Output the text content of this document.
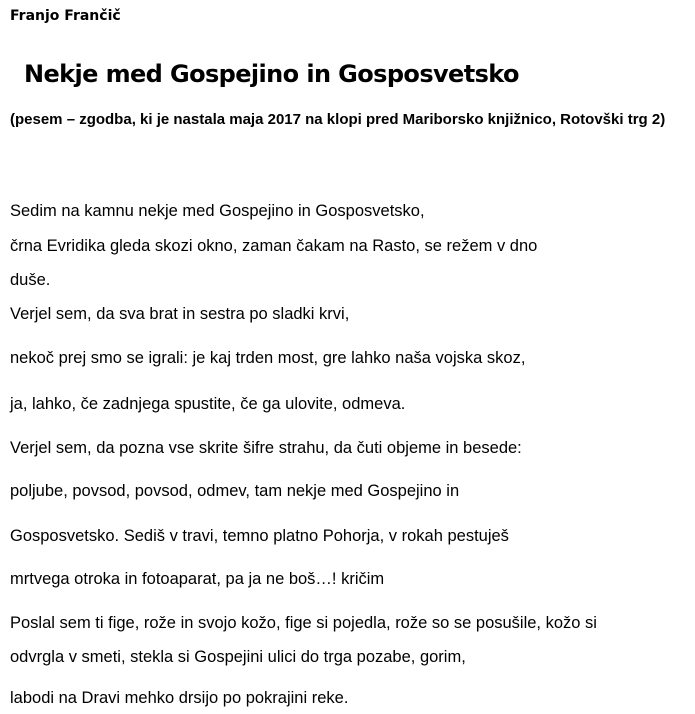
Franjo Frančič
Nekje med Gospejino in Gosposvetsko
(pesem – zgodba, ki je nastala maja 2017 na klopi pred Mariborsko knjižnico, Rotovški trg 2)
Sedim na kamnu nekje med Gospejino in Gosposvetsko,
črna Evridika gleda skozi okno, zaman čakam na Rasto, se režem v dno
duše.
Verjel sem, da sva brat in sestra po sladki krvi,
nekoč prej smo se igrali: je kaj trden most, gre lahko naša vojska skoz,
ja, lahko, če zadnjega spustite, če ga ulovite, odmeva.
Verjel sem, da pozna vse skrite šifre strahu, da čuti objeme in besede:
poljube, povsod, povsod, odmev, tam nekje med Gospejino in
Gosposvetsko. Sediš v travi, temno platno Pohorja, v rokah pestuješ
mrtvega otroka in fotoaparat, pa ja ne boš…! kričim
Poslal sem ti fige, rože in svojo kožo, fige si pojedla, rože so se posušile, kožo si
odvrgla v smeti, stekla si Gospejini ulici do trga pozabe, gorim,
labodi na Dravi mehko drsijo po pokrajini reke.
